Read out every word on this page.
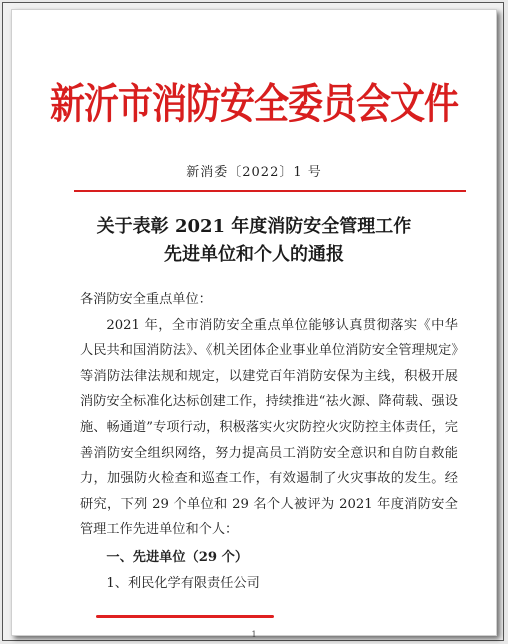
新沂市消防安全委员会文件
新消委〔2022〕1 号
关于表彰 2021 年度消防安全管理工作
先进单位和个人的通报

各消防安全重点单位：

2021 年，全市消防安全重点单位能够认真贯彻落实《中华人民共和国消防法》、《机关团体企业事业单位消防安全管理规定》等消防法律法规和规定，以建党百年消防安保为主线，积极开展消防安全标准化达标创建工作，持续推进“祛火源、降荷载、强设施、畅通道”专项行动，积极落实火灾防控火灾防控主体责任，完善消防安全组织网络，努力提高员工消防安全意识和自防自救能力，加强防火检查和巡查工作，有效遏制了火灾事故的发生。经研究，下列 29 个单位和 29 名个人被评为 2021 年度消防安全管理工作先进单位和个人：

一、先进单位（29 个）

1、利民化学有限责任公司

1
